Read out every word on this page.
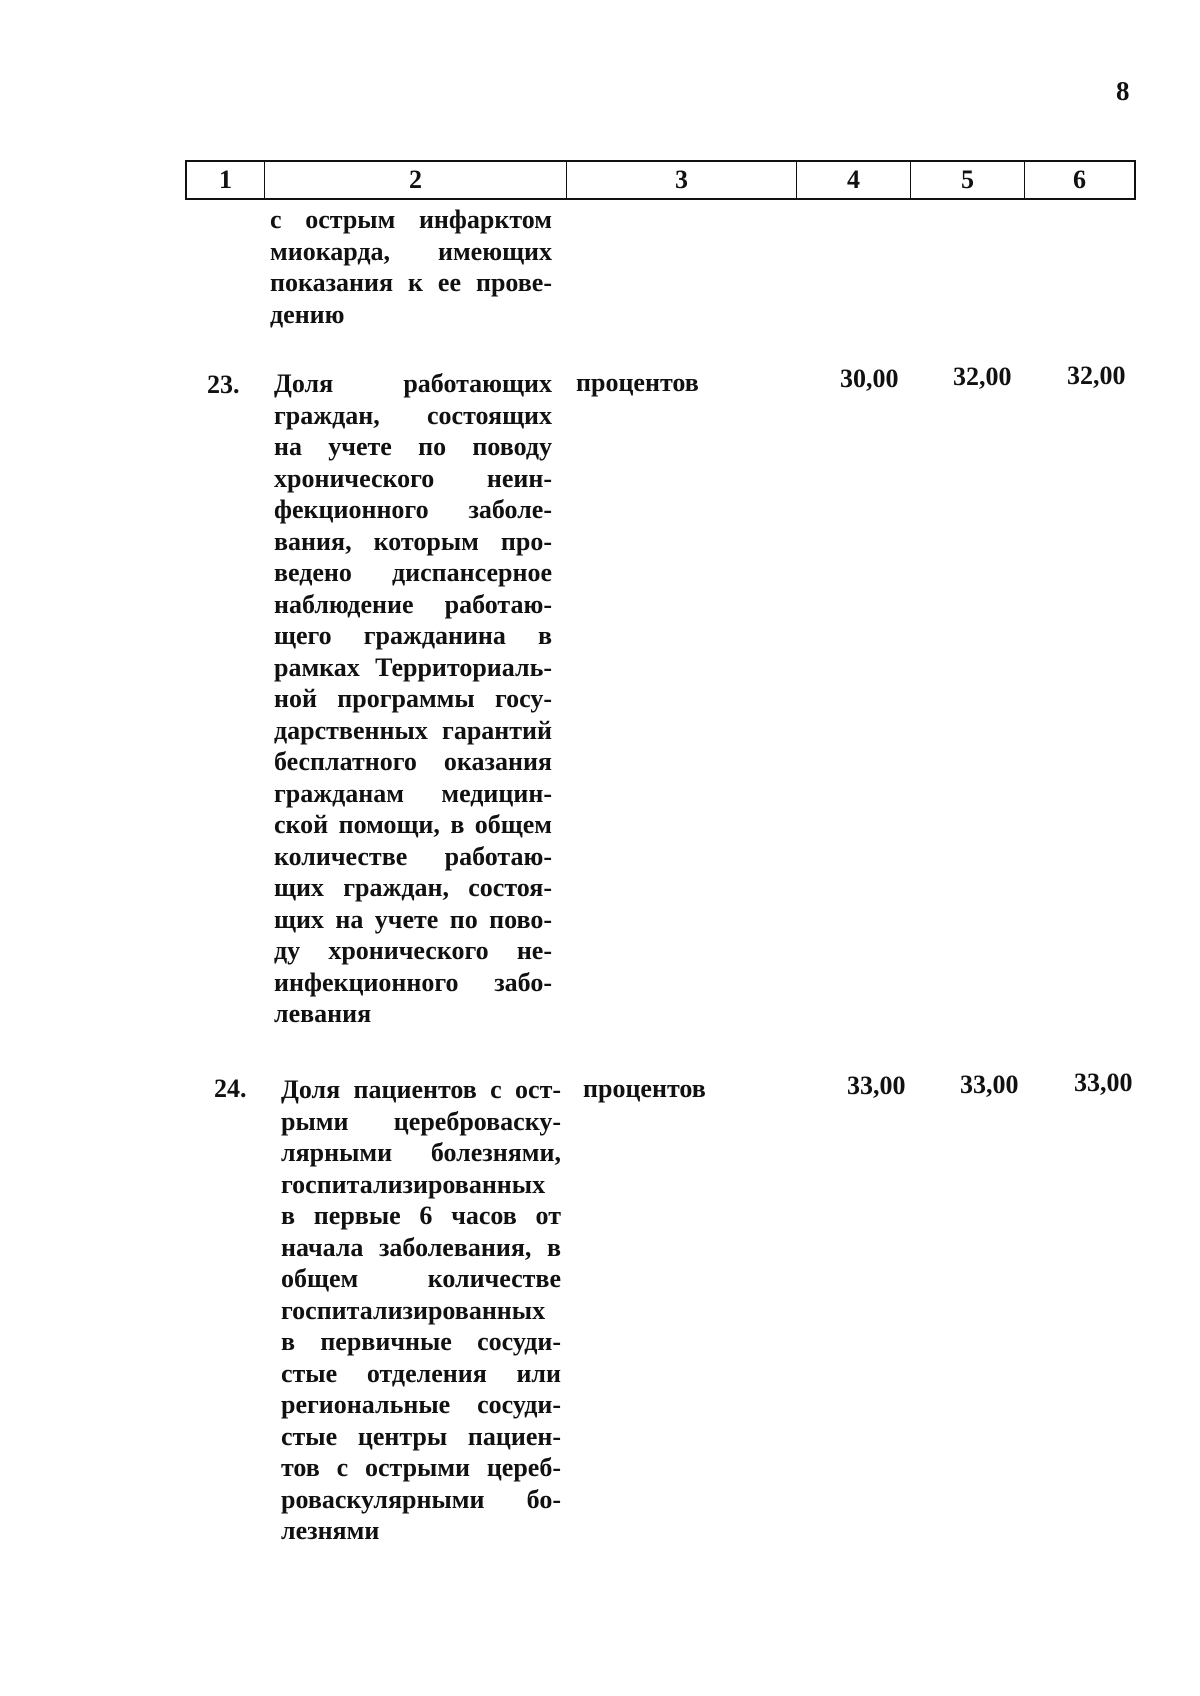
8
1	2	3	4	5	6
с острым инфарктом
миокарда, имеющих
показания к ее прове-
дению
23. Доля работающих
граждан, состоящих
на учете по поводу
хронического неин-
фекционного заболе-
вания, которым про-
ведено диспансерное
наблюдение работаю-
щего гражданина в
рамках Территориаль-
ной программы госу-
дарственных гарантий
бесплатного оказания
гражданам медицин-
ской помощи, в общем
количестве работаю-
щих граждан, состоя-
щих на учете по пово-
ду хронического не-
инфекционного забо-
левания
процентов	30,00 32,00 32,00
24. Доля пациентов с ост-
рыми цереброваску-
лярными болезнями,
госпитализированных
в первые 6 часов от
начала заболевания, в
общем количестве
госпитализированных
в первичные сосуди-
стые отделения или
региональные сосуди-
стые центры пациен-
тов с острыми цереб-
роваскулярными бо-
лезнями
процентов	33,00 33,00 33,00
